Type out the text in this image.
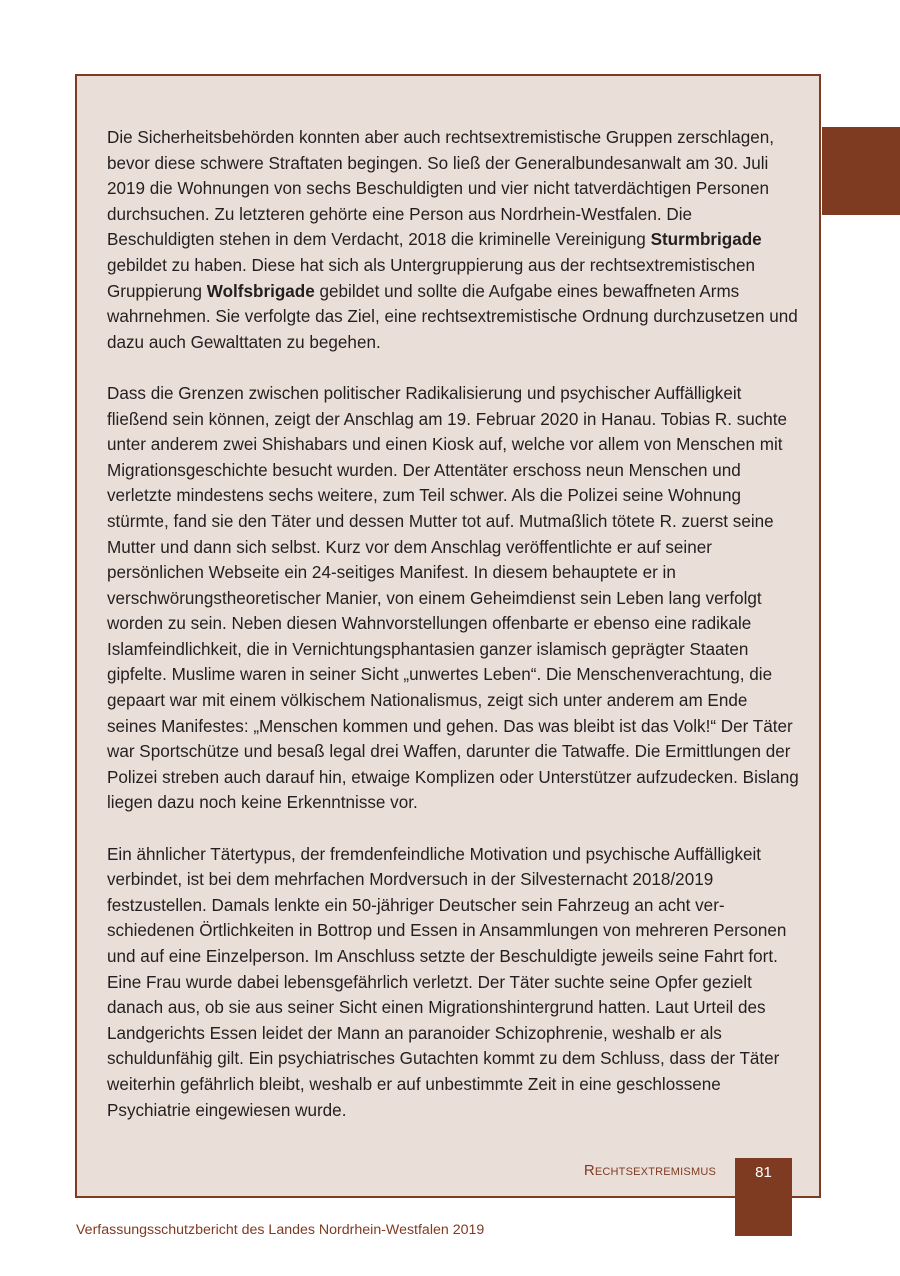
Die Sicherheitsbehörden konnten aber auch rechtsextremistische Gruppen zerschlagen, bevor diese schwere Straftaten begingen. So ließ der Generalbundesanwalt am 30. Juli 2019 die Wohnungen von sechs Beschuldigten und vier nicht tatverdächtigen Personen durchsuchen. Zu letzteren gehörte eine Person aus Nordrhein-Westfalen. Die Beschuldigten stehen in dem Verdacht, 2018 die kriminelle Vereinigung Sturmbrigade gebildet zu haben. Diese hat sich als Untergruppierung aus der rechtsextremistischen Gruppierung Wolfsbrigade gebildet und sollte die Aufgabe eines bewaffneten Arms wahrnehmen. Sie verfolgte das Ziel, eine rechtsextremistische Ordnung durchzusetzen und dazu auch Gewalttaten zu begehen.

Dass die Grenzen zwischen politischer Radikalisierung und psychischer Auffälligkeit fließend sein können, zeigt der Anschlag am 19. Februar 2020 in Hanau. Tobias R. suchte unter anderem zwei Shishabars und einen Kiosk auf, welche vor allem von Menschen mit Migrationsgeschichte besucht wurden. Der Attentäter erschoss neun Menschen und verletzte mindestens sechs weitere, zum Teil schwer. Als die Polizei seine Wohnung stürmte, fand sie den Täter und dessen Mutter tot auf. Mutmaßlich tötete R. zuerst seine Mutter und dann sich selbst. Kurz vor dem Anschlag veröffentlichte er auf seiner persönlichen Webseite ein 24-seitiges Manifest. In diesem behauptete er in verschwörungstheoretischer Manier, von einem Geheimdienst sein Leben lang verfolgt worden zu sein. Neben diesen Wahnvorstellungen offenbarte er ebenso eine radikale Islamfeindlichkeit, die in Vernichtungsphantasien ganzer islamisch geprägter Staaten gipfelte. Muslime waren in seiner Sicht „unwertes Leben“. Die Menschenverachtung, die gepaart war mit einem völkischem Nationalismus, zeigt sich unter anderem am Ende seines Manifestes: „Menschen kommen und gehen. Das was bleibt ist das Volk!“ Der Täter war Sportschütze und besaß legal drei Waffen, darunter die Tatwaffe. Die Ermittlungen der Polizei streben auch darauf hin, etwaige Komplizen oder Unterstützer aufzudecken. Bislang liegen dazu noch keine Erkenntnisse vor.

Ein ähnlicher Tätertypus, der fremdenfeindliche Motivation und psychische Auffälligkeit verbindet, ist bei dem mehrfachen Mordversuch in der Silvesternacht 2018/2019 festzustellen. Damals lenkte ein 50-jähriger Deutscher sein Fahrzeug an acht verschiedenen Örtlichkeiten in Bottrop und Essen in Ansammlungen von mehreren Personen und auf eine Einzelperson. Im Anschluss setzte der Beschuldigte jeweils seine Fahrt fort. Eine Frau wurde dabei lebensgefährlich verletzt. Der Täter suchte seine Opfer gezielt danach aus, ob sie aus seiner Sicht einen Migrationshintergrund hatten. Laut Urteil des Landgerichts Essen leidet der Mann an paranoider Schizophrenie, weshalb er als schuldunfähig gilt. Ein psychiatrisches Gutachten kommt zu dem Schluss, dass der Täter weiterhin gefährlich bleibt, weshalb er auf unbestimmte Zeit in eine geschlossene Psychiatrie eingewiesen wurde.

Rechtsextremismus	81
Verfassungsschutzbericht des Landes Nordrhein-Westfalen 2019
